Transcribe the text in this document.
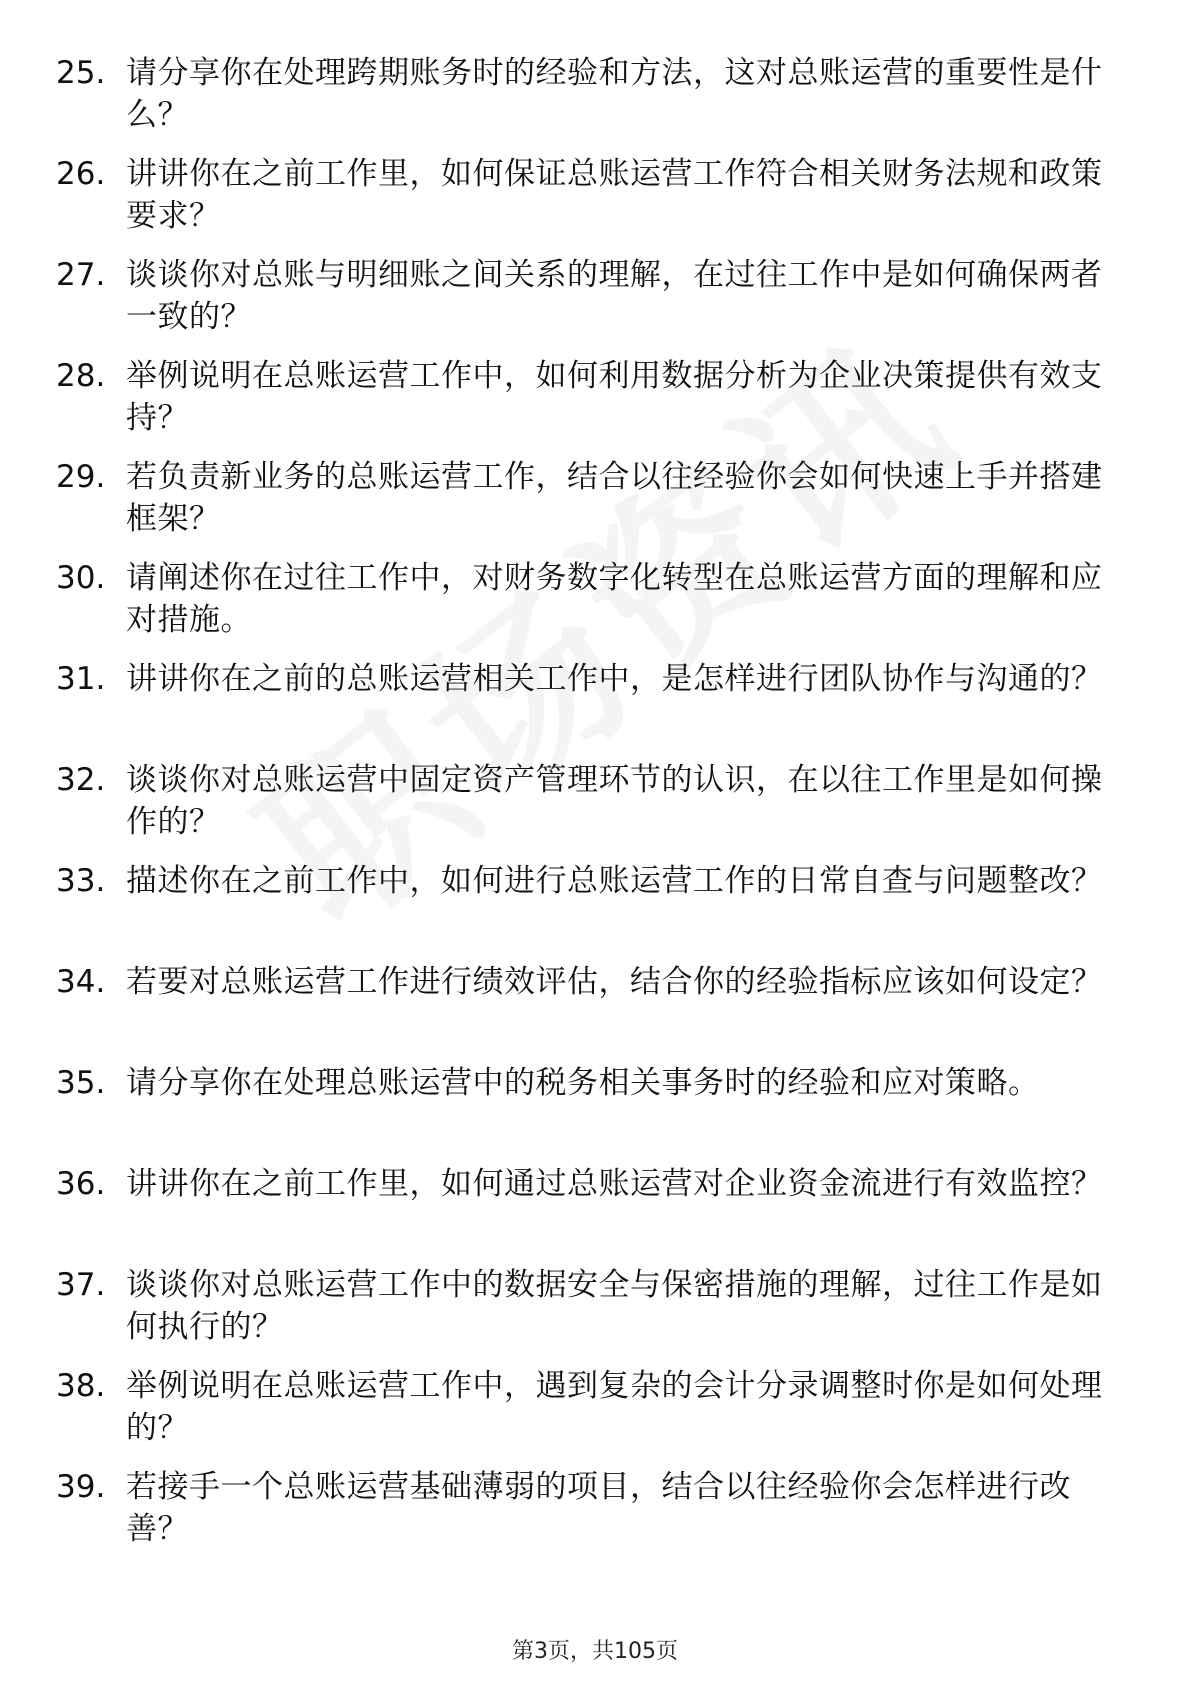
25. 请分享你在处理跨期账务时的经验和方法，这对总账运营的重要性是什么？
26. 讲讲你在之前工作里，如何保证总账运营工作符合相关财务法规和政策要求？
27. 谈谈你对总账与明细账之间关系的理解，在过往工作中是如何确保两者一致的？
28. 举例说明在总账运营工作中，如何利用数据分析为企业决策提供有效支持？
29. 若负责新业务的总账运营工作，结合以往经验你会如何快速上手并搭建框架？
30. 请阐述你在过往工作中，对财务数字化转型在总账运营方面的理解和应对措施。
31. 讲讲你在之前的总账运营相关工作中，是怎样进行团队协作与沟通的？
32. 谈谈你对总账运营中固定资产管理环节的认识，在以往工作里是如何操作的？
33. 描述你在之前工作中，如何进行总账运营工作的日常自查与问题整改？
34. 若要对总账运营工作进行绩效评估，结合你的经验指标应该如何设定？
35. 请分享你在处理总账运营中的税务相关事务时的经验和应对策略。
36. 讲讲你在之前工作里，如何通过总账运营对企业资金流进行有效监控？
37. 谈谈你对总账运营工作中的数据安全与保密措施的理解，过往工作是如何执行的？
38. 举例说明在总账运营工作中，遇到复杂的会计分录调整时你是如何处理的？
39. 若接手一个总账运营基础薄弱的项目，结合以往经验你会怎样进行改善？
第3页，共105页
